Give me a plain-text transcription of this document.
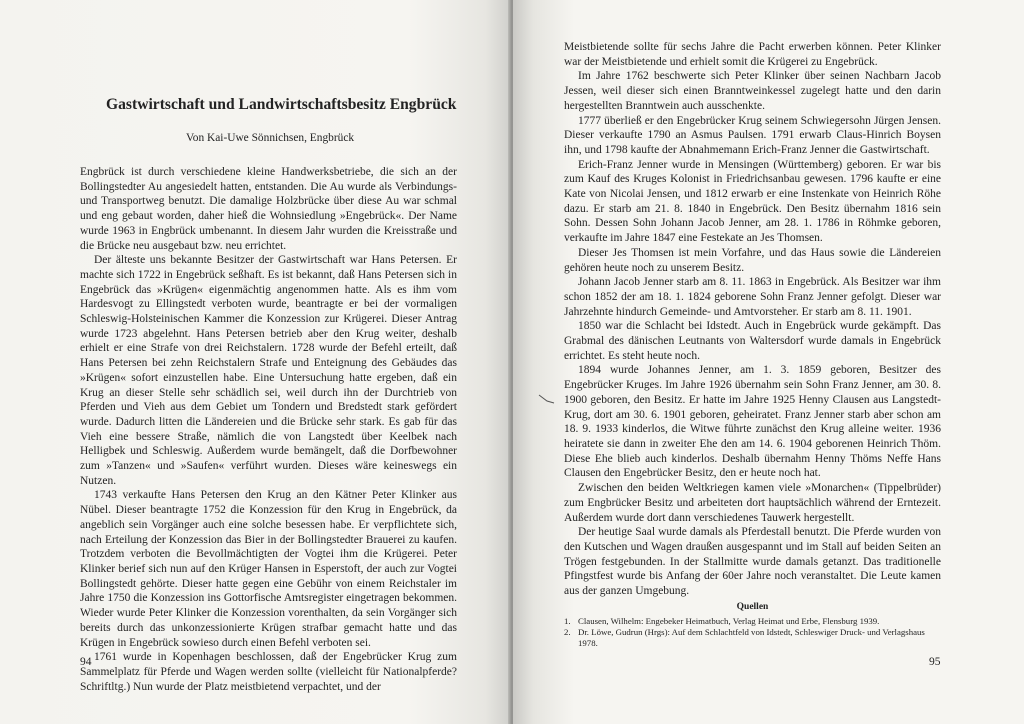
Gastwirtschaft und Landwirtschaftsbesitz Engbrück
Von Kai-Uwe Sönnichsen, Engbrück

Engbrück ist durch verschiedene kleine Handwerksbetriebe, die sich an der Bollingstedter Au angesiedelt hatten, entstanden. Die Au wurde als Verbindungs- und Transportweg benutzt. Die damalige Holzbrücke über diese Au war schmal und eng gebaut worden, daher hieß die Wohnsiedlung »Engebrück«. Der Name wurde 1963 in Engbrück umbenannt. In diesem Jahr wurden die Kreisstraße und die Brücke neu ausgebaut bzw. neu errichtet.

Der älteste uns bekannte Besitzer der Gastwirtschaft war Hans Petersen. Er machte sich 1722 in Engebrück seßhaft. Es ist bekannt, daß Hans Petersen sich in Engebrück das »Krügen« eigenmächtig angenommen hatte. Als es ihm vom Hardesvogt zu Ellingstedt verboten wurde, beantragte er bei der vormaligen Schleswig-Holsteinischen Kammer die Konzession zur Krügerei. Dieser Antrag wurde 1723 abgelehnt. Hans Petersen betrieb aber den Krug weiter, deshalb erhielt er eine Strafe von drei Reichstalern. 1728 wurde der Befehl erteilt, daß Hans Petersen bei zehn Reichstalern Strafe und Enteignung des Gebäudes das »Krügen« sofort einzustellen habe. Eine Untersuchung hatte ergeben, daß ein Krug an dieser Stelle sehr schädlich sei, weil durch ihn der Durchtrieb von Pferden und Vieh aus dem Gebiet um Tondern und Bredstedt stark gefördert wurde. Dadurch litten die Ländereien und die Brücke sehr stark. Es gab für das Vieh eine bessere Straße, nämlich die von Langstedt über Keelbek nach Helligbek und Schleswig. Außerdem wurde bemängelt, daß die Dorfbewohner zum »Tanzen« und »Saufen« verführt wurden. Dieses wäre keineswegs ein Nutzen.

1743 verkaufte Hans Petersen den Krug an den Kätner Peter Klinker aus Nübel. Dieser beantragte 1752 die Konzession für den Krug in Engebrück, da angeblich sein Vorgänger auch eine solche besessen habe. Er verpflichtete sich, nach Erteilung der Konzession das Bier in der Bollingstedter Brauerei zu kaufen. Trotzdem verboten die Bevollmächtigten der Vogtei ihm die Krügerei. Peter Klinker berief sich nun auf den Krüger Hansen in Esperstoft, der auch zur Vogtei Bollingstedt gehörte. Dieser hatte gegen eine Gebühr von einem Reichstaler im Jahre 1750 die Konzession ins Gottorfische Amtsregister eingetragen bekommen. Wieder wurde Peter Klinker die Konzession vorenthalten, da sein Vorgänger sich bereits durch das unkonzessionierte Krügen strafbar gemacht hatte und das Krügen in Engebrück sowieso durch einen Befehl verboten sei.

1761 wurde in Kopenhagen beschlossen, daß der Engebrücker Krug zum Sammelplatz für Pferde und Wagen werden sollte (vielleicht für Nationalpferde? Schriftltg.) Nun wurde der Platz meistbietend verpachtet, und der

94

Meistbietende sollte für sechs Jahre die Pacht erwerben können. Peter Klinker war der Meistbietende und erhielt somit die Krügerei zu Engebrück.

Im Jahre 1762 beschwerte sich Peter Klinker über seinen Nachbarn Jacob Jessen, weil dieser sich einen Branntweinkessel zugelegt hatte und den darin hergestellten Branntwein auch ausschenkte.

1777 überließ er den Engebrücker Krug seinem Schwiegersohn Jürgen Jensen. Dieser verkaufte 1790 an Asmus Paulsen. 1791 erwarb Claus-Hinrich Boysen ihn, und 1798 kaufte der Abnahmemann Erich-Franz Jenner die Gastwirtschaft.

Erich-Franz Jenner wurde in Mensingen (Württemberg) geboren. Er war bis zum Kauf des Kruges Kolonist in Friedrichsanbau gewesen. 1796 kaufte er eine Kate von Nicolai Jensen, und 1812 erwarb er eine Instenkate von Heinrich Röhe dazu. Er starb am 21. 8. 1840 in Engebrück. Den Besitz übernahm 1816 sein Sohn. Dessen Sohn Johann Jacob Jenner, am 28. 1. 1786 in Röhmke geboren, verkaufte im Jahre 1847 eine Festekate an Jes Thomsen.

Dieser Jes Thomsen ist mein Vorfahre, und das Haus sowie die Ländereien gehören heute noch zu unserem Besitz.

Johann Jacob Jenner starb am 8. 11. 1863 in Engebrück. Als Besitzer war ihm schon 1852 der am 18. 1. 1824 geborene Sohn Franz Jenner gefolgt. Dieser war Jahrzehnte hindurch Gemeinde- und Amtvorsteher. Er starb am 8. 11. 1901.

1850 war die Schlacht bei Idstedt. Auch in Engebrück wurde gekämpft. Das Grabmal des dänischen Leutnants von Waltersdorf wurde damals in Engebrück errichtet. Es steht heute noch.

1894 wurde Johannes Jenner, am 1. 3. 1859 geboren, Besitzer des Engebrücker Kruges. Im Jahre 1926 übernahm sein Sohn Franz Jenner, am 30. 8. 1900 geboren, den Besitz. Er hatte im Jahre 1925 Henny Clausen aus Langstedt-Krug, dort am 30. 6. 1901 geboren, geheiratet. Franz Jenner starb aber schon am 18. 9. 1933 kinderlos, die Witwe führte zunächst den Krug alleine weiter. 1936 heiratete sie dann in zweiter Ehe den am 14. 6. 1904 geborenen Heinrich Thöm. Diese Ehe blieb auch kinderlos. Deshalb übernahm Henny Thöms Neffe Hans Clausen den Engebrücker Besitz, den er heute noch hat.

Zwischen den beiden Weltkriegen kamen viele »Monarchen« (Tippelbrüder) zum Engbrücker Besitz und arbeiteten dort hauptsächlich während der Erntezeit. Außerdem wurde dort dann verschiedenes Tauwerk hergestellt.

Der heutige Saal wurde damals als Pferdestall benutzt. Die Pferde wurden von den Kutschen und Wagen draußen ausgespannt und im Stall auf beiden Seiten an Trögen festgebunden. In der Stallmitte wurde damals getanzt. Das traditionelle Pfingstfest wurde bis Anfang der 60er Jahre noch veranstaltet. Die Leute kamen aus der ganzen Umgebung.

Quellen
1. Clausen, Wilhelm: Engebeker Heimatbuch, Verlag Heimat und Erbe, Flensburg 1939.
2. Dr. Löwe, Gudrun (Hrgs): Auf dem Schlachtfeld von Idstedt, Schleswiger Druck- und Verlagshaus 1978.
95
